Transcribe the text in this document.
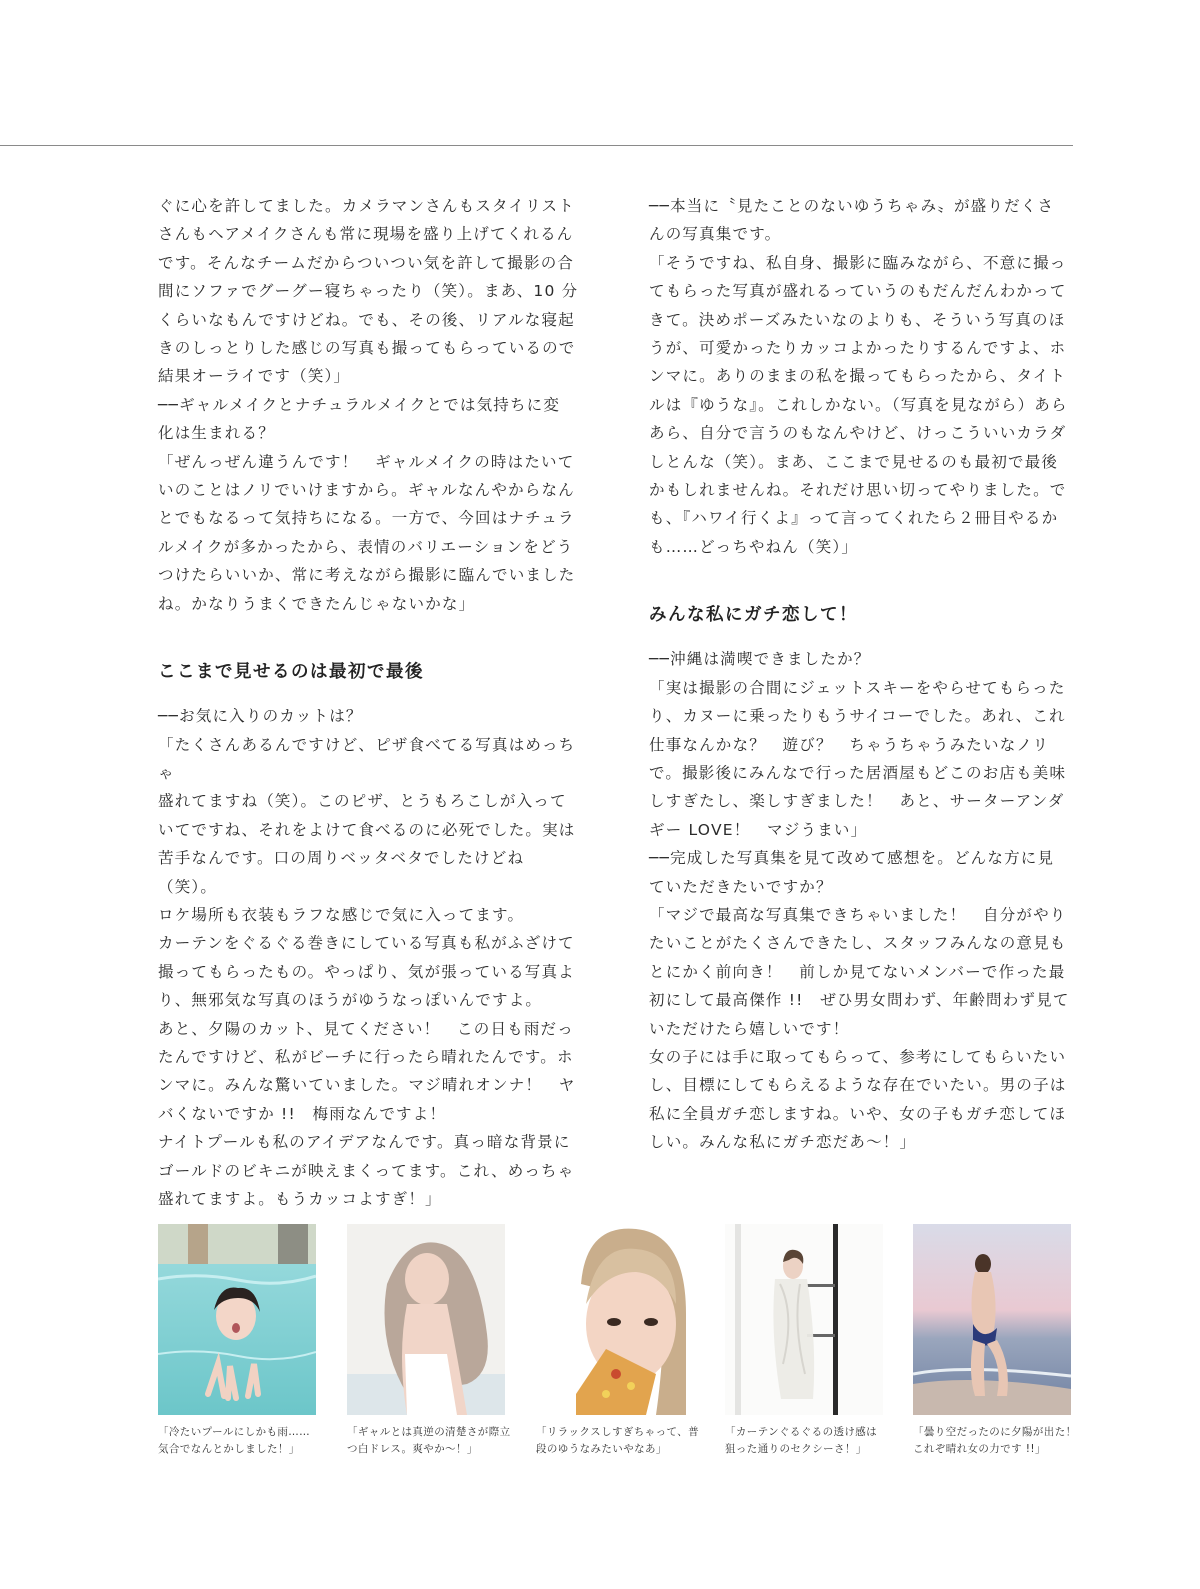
ぐに心を許してました。カメラマンさんもスタイリスト
さんもヘアメイクさんも常に現場を盛り上げてくれるん
です。そんなチームだからついつい気を許して撮影の合
間にソファでグーグー寝ちゃったり（笑）。まあ、10 分
くらいなもんですけどね。でも、その後、リアルな寝起
きのしっとりした感じの写真も撮ってもらっているので
結果オーライです（笑）」

──ギャルメイクとナチュラルメイクとでは気持ちに変
化は生まれる？

「ぜんっぜん違うんです！　ギャルメイクの時はたいて
いのことはノリでいけますから。ギャルなんやからなん
とでもなるって気持ちになる。一方で、今回はナチュラ
ルメイクが多かったから、表情のバリエーションをどう
つけたらいいか、常に考えながら撮影に臨んでいました
ね。かなりうまくできたんじゃないかな」

ここまで見せるのは最初で最後

──お気に入りのカットは？

「たくさんあるんですけど、ピザ食べてる写真はめっちゃ
盛れてますね（笑）。このピザ、とうもろこしが入って
いてですね、それをよけて食べるのに必死でした。実は
苦手なんです。口の周りベッタベタでしたけどね（笑）。
ロケ場所も衣装もラフな感じで気に入ってます。

カーテンをぐるぐる巻きにしている写真も私がふざけて
撮ってもらったもの。やっぱり、気が張っている写真よ
り、無邪気な写真のほうがゆうなっぽいんですよ。

あと、夕陽のカット、見てください！　この日も雨だっ
たんですけど、私がビーチに行ったら晴れたんです。ホ
ンマに。みんな驚いていました。マジ晴れオンナ！　ヤ
バくないですか !!　梅雨なんですよ！

ナイトプールも私のアイデアなんです。真っ暗な背景に
ゴールドのビキニが映えまくってます。これ、めっちゃ
盛れてますよ。もうカッコよすぎ！」

──本当に〝見たことのないゆうちゃみ〟が盛りだくさ
んの写真集です。

「そうですね、私自身、撮影に臨みながら、不意に撮っ
てもらった写真が盛れるっていうのもだんだんわかって
きて。決めポーズみたいなのよりも、そういう写真のほ
うが、可愛かったりカッコよかったりするんですよ、ホ
ンマに。ありのままの私を撮ってもらったから、タイト
ルは『ゆうな』。これしかない。（写真を見ながら）あら
あら、自分で言うのもなんやけど、けっこういいカラダ
しとんな（笑）。まあ、ここまで見せるのも最初で最後
かもしれませんね。それだけ思い切ってやりました。で
も、『ハワイ行くよ』って言ってくれたら２冊目やるか
も……どっちやねん（笑）」

みんな私にガチ恋して！

──沖縄は満喫できましたか？

「実は撮影の合間にジェットスキーをやらせてもらった
り、カヌーに乗ったりもうサイコーでした。あれ、これ
仕事なんかな？　遊び？　ちゃうちゃうみたいなノリ
で。撮影後にみんなで行った居酒屋もどこのお店も美味
しすぎたし、楽しすぎました！　あと、サーターアンダ
ギー LOVE！　マジうまい」

──完成した写真集を見て改めて感想を。どんな方に見
ていただきたいですか？

「マジで最高な写真集できちゃいました！　自分がやり
たいことがたくさんできたし、スタッフみんなの意見も
とにかく前向き！　前しか見てないメンバーで作った最
初にして最高傑作 !!　ぜひ男女問わず、年齢問わず見て
いただけたら嬉しいです！

女の子には手に取ってもらって、参考にしてもらいたい
し、目標にしてもらえるような存在でいたい。男の子は
私に全員ガチ恋しますね。いや、女の子もガチ恋してほ
しい。みんな私にガチ恋だあ～！」

「冷たいプールにしかも雨……
気合でなんとかしました！」
「ギャルとは真逆の清楚さが際立
つ白ドレス。爽やか～！」
「リラックスしすぎちゃって、普
段のゆうなみたいやなあ」
「カーテンぐるぐるの透け感は
狙った通りのセクシーさ！」
「曇り空だったのに夕陽が出た！
これぞ晴れ女の力です !!」
